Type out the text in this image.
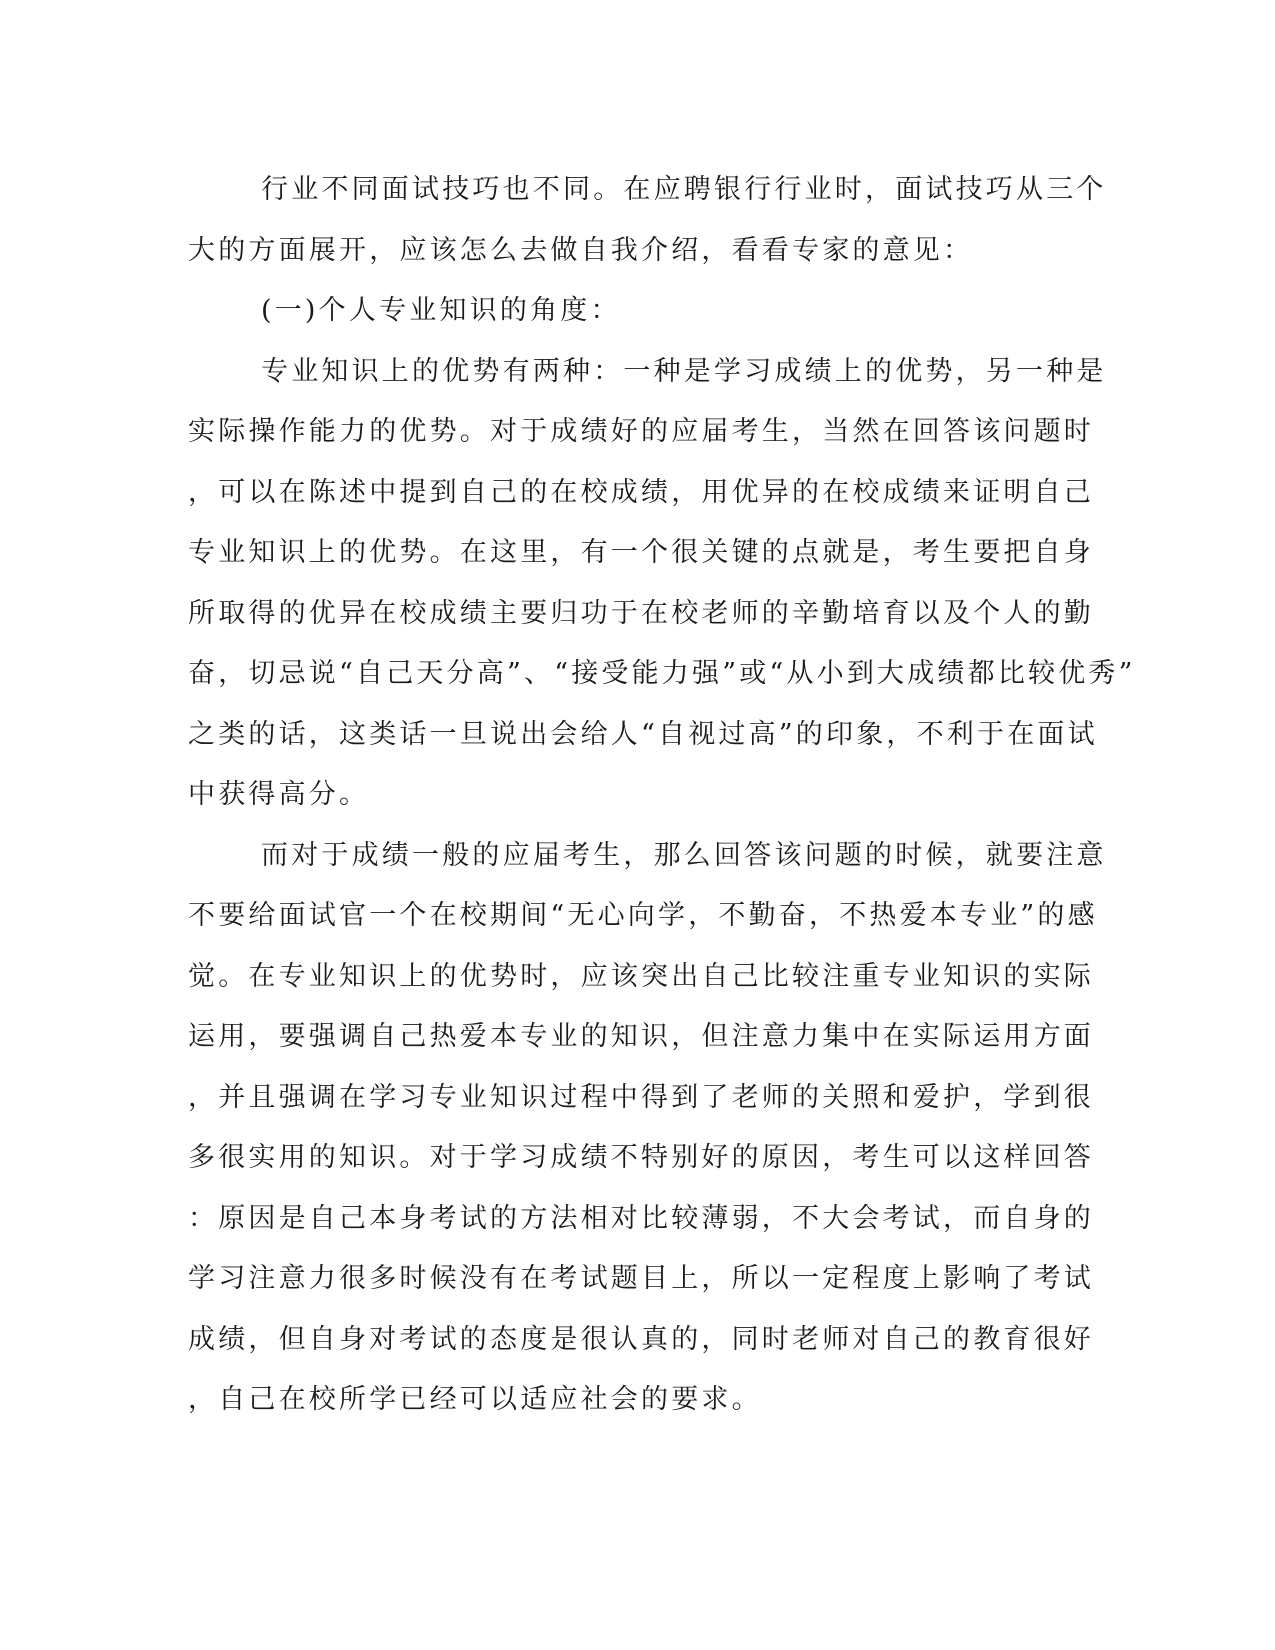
行业不同面试技巧也不同。在应聘银行行业时，面试技巧从三个
大的方面展开，应该怎么去做自我介绍，看看专家的意见：
(一)个人专业知识的角度：
专业知识上的优势有两种：一种是学习成绩上的优势，另一种是
实际操作能力的优势。对于成绩好的应届考生，当然在回答该问题时
，可以在陈述中提到自己的在校成绩，用优异的在校成绩来证明自己
专业知识上的优势。在这里，有一个很关键的点就是，考生要把自身
所取得的优异在校成绩主要归功于在校老师的辛勤培育以及个人的勤
奋，切忌说“自己天分高”、“接受能力强”或“从小到大成绩都比较优秀”
之类的话，这类话一旦说出会给人“自视过高”的印象，不利于在面试
中获得高分。
而对于成绩一般的应届考生，那么回答该问题的时候，就要注意
不要给面试官一个在校期间“无心向学，不勤奋，不热爱本专业”的感
觉。在专业知识上的优势时，应该突出自己比较注重专业知识的实际
运用，要强调自己热爱本专业的知识，但注意力集中在实际运用方面
，并且强调在学习专业知识过程中得到了老师的关照和爱护，学到很
多很实用的知识。对于学习成绩不特别好的原因，考生可以这样回答
：原因是自己本身考试的方法相对比较薄弱，不大会考试，而自身的
学习注意力很多时候没有在考试题目上，所以一定程度上影响了考试
成绩，但自身对考试的态度是很认真的，同时老师对自己的教育很好
，自己在校所学已经可以适应社会的要求。
